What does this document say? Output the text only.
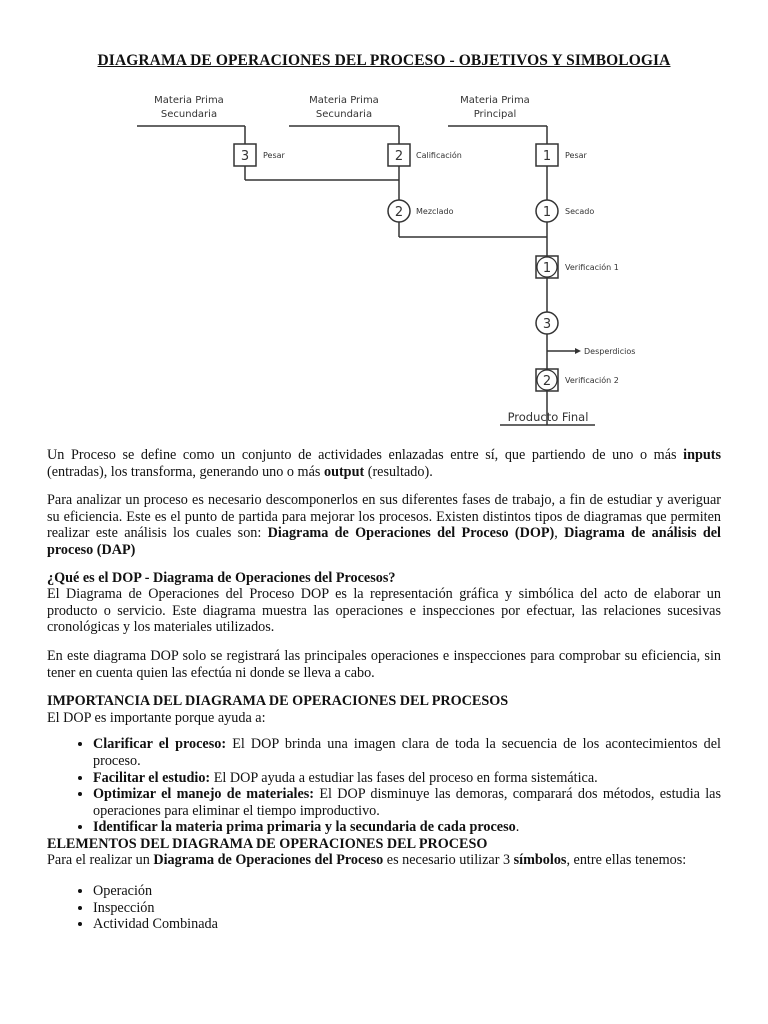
DIAGRAMA DE OPERACIONES DEL PROCESO - OBJETIVOS Y SIMBOLOGIA
Materia Prima
Secundaria
Materia Prima
Secundaria
Materia Prima
Principal
3 Pesar	2 Calificación	1 Pesar
2 Mezclado	1 Secado
1 Verificación 1
3
Desperdicios
2 Verificación 2
Producto Final

Un Proceso se define como un conjunto de actividades enlazadas entre sí, que partiendo de uno o más inputs (entradas), los transforma, generando uno o más output (resultado).

Para analizar un proceso es necesario descomponerlos en sus diferentes fases de trabajo, a fin de estudiar y averiguar su eficiencia. Este es el punto de partida para mejorar los procesos. Existen distintos tipos de diagramas que permiten realizar este análisis los cuales son: Diagrama de Operaciones del Proceso (DOP), Diagrama de análisis del proceso (DAP)

¿Qué es el DOP - Diagrama de Operaciones del Procesos?

El Diagrama de Operaciones del Proceso DOP es la representación gráfica y simbólica del acto de elaborar un producto o servicio. Este diagrama muestra las operaciones e inspecciones por efectuar, las relaciones sucesivas cronológicas y los materiales utilizados.

En este diagrama DOP solo se registrará las principales operaciones e inspecciones para comprobar su eficiencia, sin tener en cuenta quien las efectúa ni donde se lleva a cabo.

IMPORTANCIA DEL DIAGRAMA DE OPERACIONES DEL PROCESOS

El DOP es importante porque ayuda a:

• Clarificar el proceso: El DOP brinda una imagen clara de toda la secuencia de los acontecimientos del proceso.
• Facilitar el estudio: El DOP ayuda a estudiar las fases del proceso en forma sistemática.
• Optimizar el manejo de materiales: El DOP disminuye las demoras, comparará dos métodos, estudia las operaciones para eliminar el tiempo improductivo.
• Identificar la materia prima primaria y la secundaria de cada proceso.
ELEMENTOS DEL DIAGRAMA DE OPERACIONES DEL PROCESO

Para el realizar un Diagrama de Operaciones del Proceso es necesario utilizar 3 símbolos, entre ellas tenemos:

• Operación
• Inspección
• Actividad Combinada
